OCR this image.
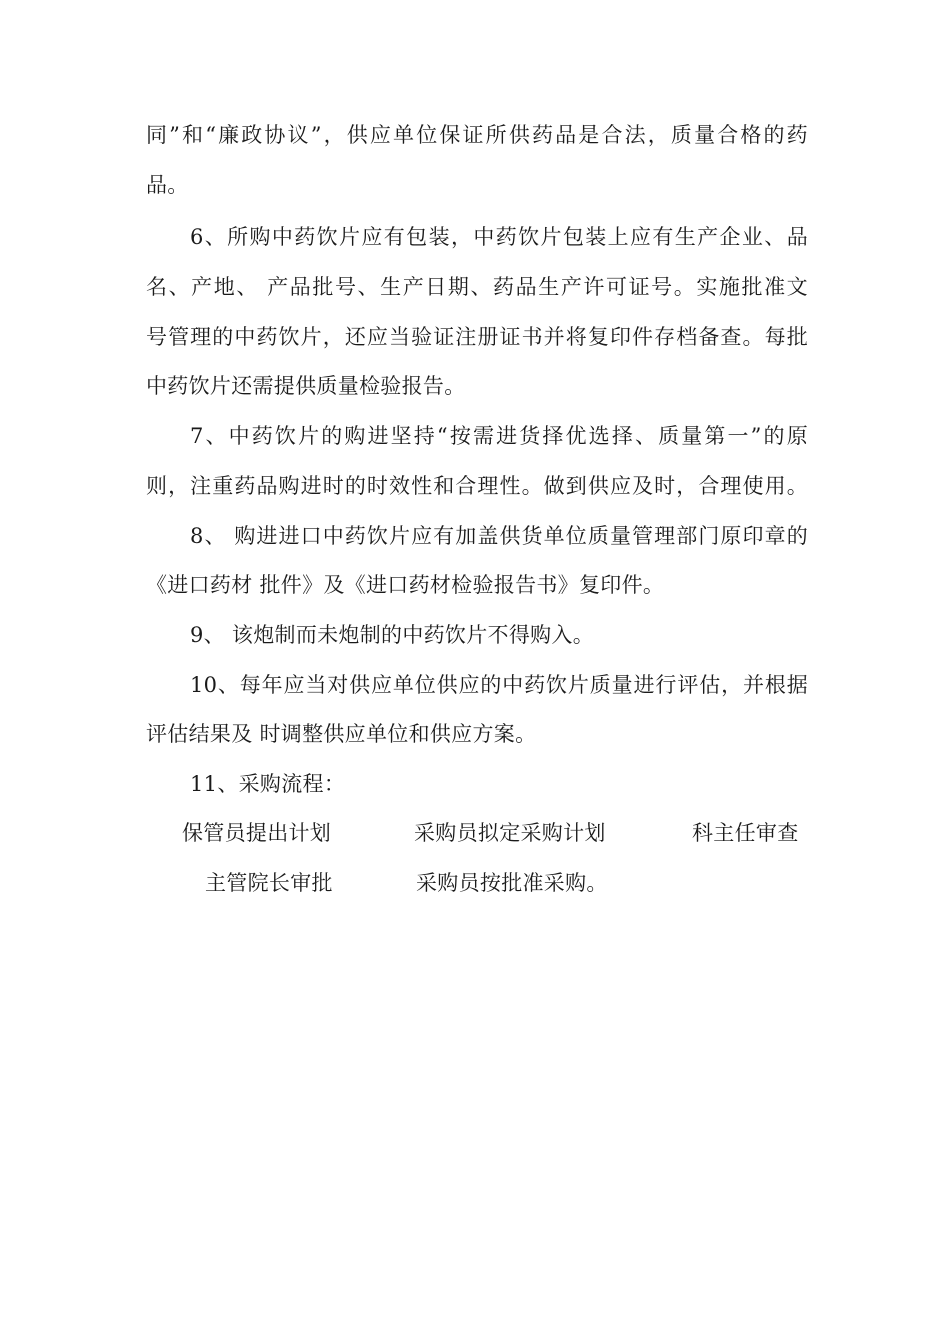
同”和“廉政协议”，供应单位保证所供药品是合法，质量合格的药
品。
6、所购中药饮片应有包装，中药饮片包装上应有生产企业、品
名、产地、 产品批号、生产日期、药品生产许可证号。实施批准文
号管理的中药饮片，还应当验证注册证书并将复印件存档备查。每批
中药饮片还需提供质量检验报告。
7、中药饮片的购进坚持“按需进货择优选择、质量第一”的原
则，注重药品购进时的时效性和合理性。做到供应及时，合理使用。
8、 购进进口中药饮片应有加盖供货单位质量管理部门原印章的
《进口药材 批件》及《进口药材检验报告书》复印件。
9、 该炮制而未炮制的中药饮片不得购入。
10、每年应当对供应单位供应的中药饮片质量进行评估，并根据
评估结果及 时调整供应单位和供应方案。
11、采购流程：
保管员提出计划	采购员拟定采购计划	科主任审查
主管院长审批	采购员按批准采购。
